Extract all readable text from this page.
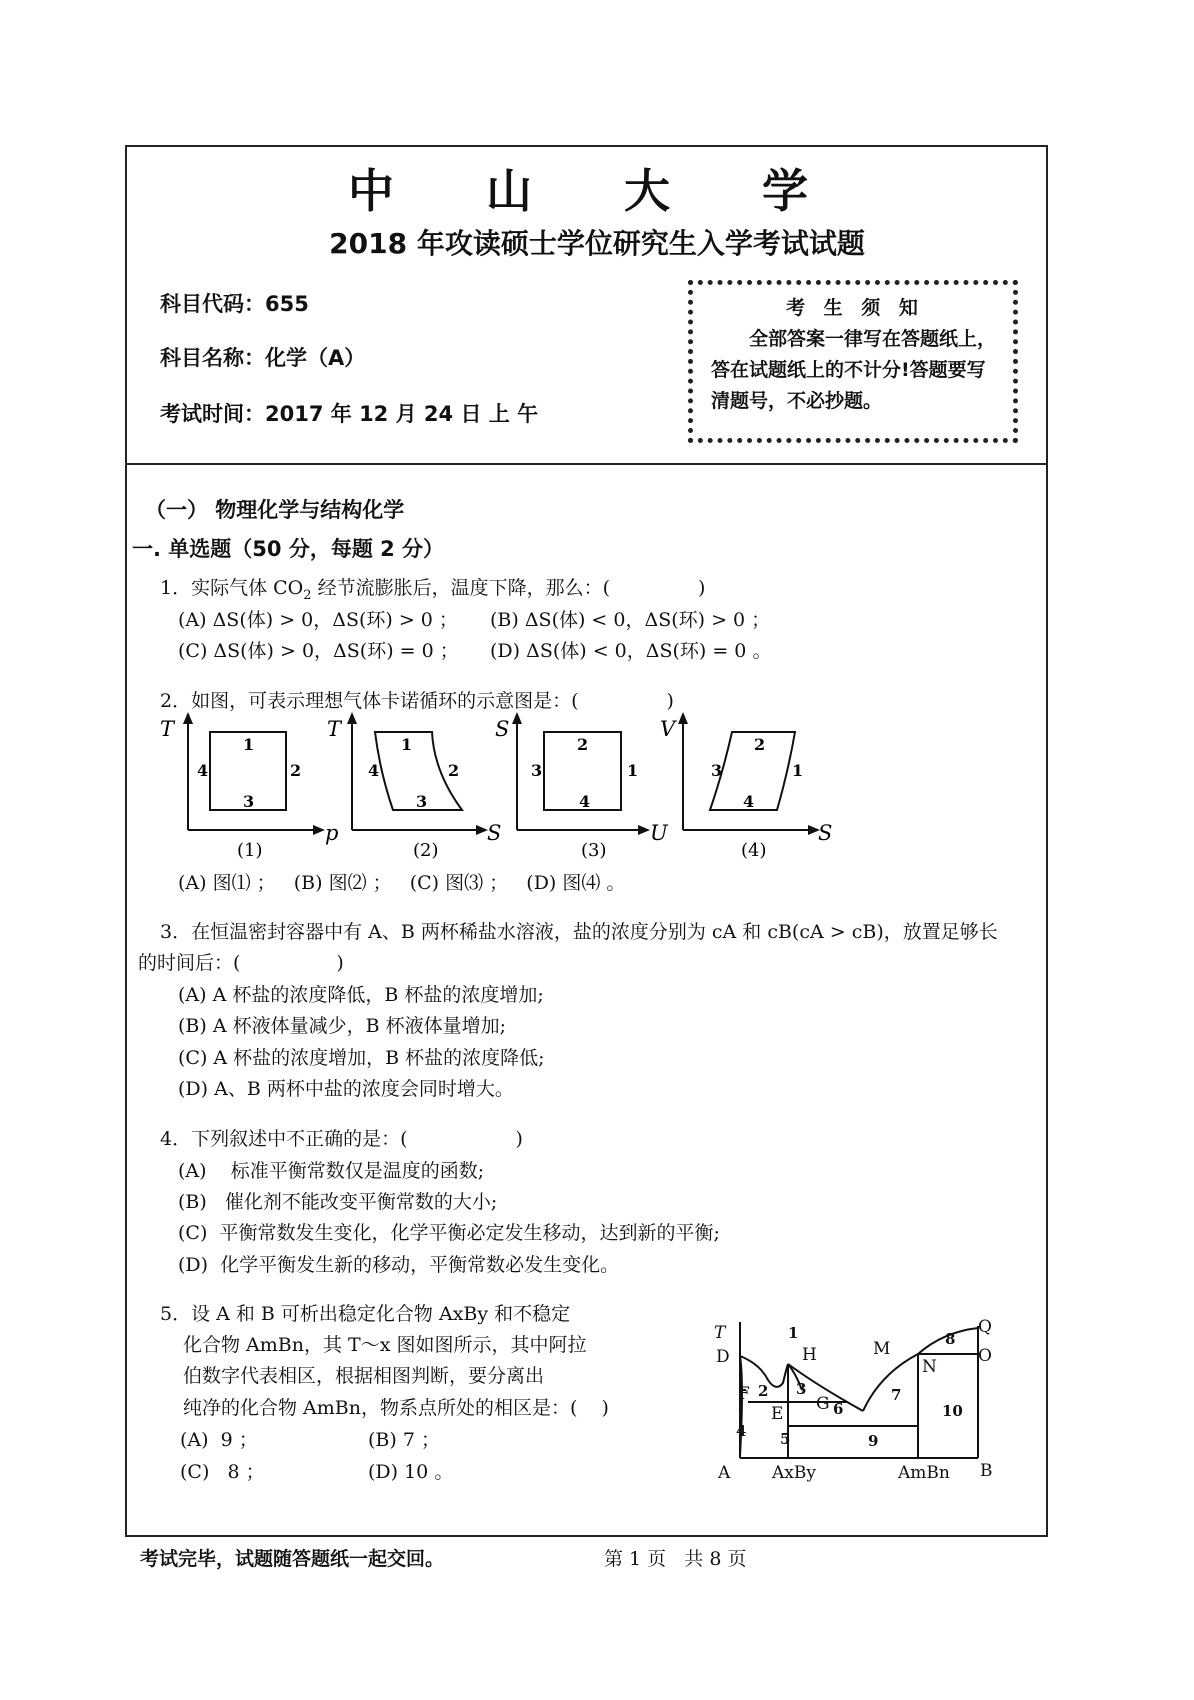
中 山 大 学
2018 年攻读硕士学位研究生入学考试试题
科目代码：655
科目名称：化学（A）
考试时间：2017 年 12 月 24 日 上 午
考 生 须 知
全部答案一律写在答题纸上，答在试题纸上的不计分!答题要写清题号，不必抄题。
（一） 物理化学与结构化学
一. 单选题（50 分，每题 2 分）
1．实际气体 $CO_2$ 经节流膨胀后，温度下降，那么：(	)
(A) ΔS(体) > 0，ΔS(环) > 0 ； (B) ΔS(体) < 0，ΔS(环) > 0 ；
(C) ΔS(体) > 0，ΔS(环) = 0 ； (D) ΔS(体) < 0，ΔS(环) = 0 。
2．如图，可表示理想气体卡诺循环的示意图是：(	)
T
p
1
2
3
4
(1)
T
S
1
2
3
4
(2)
S
U
2
1
4
3
(3)
V
S
2
1
4
3
(4)
(A) 图⑴ ；   (B) 图⑵ ；   (C) 图⑶ ；   (D) 图⑷ 。
3．在恒温密封容器中有 A、B 两杯稀盐水溶液，盐的浓度分别为 cA 和 cB(cA > cB)，放置足够长
的时间后：(	)
(A) A 杯盐的浓度降低，B 杯盐的浓度增加;
(B) A 杯液体量减少，B 杯液体量增加;
(C) A 杯盐的浓度增加，B 杯盐的浓度降低;
(D) A、B 两杯中盐的浓度会同时增大。
4．下列叙述中不正确的是：(	)
(A)    标准平衡常数仅是温度的函数;
(B)   催化剂不能改变平衡常数的大小;
(C)  平衡常数发生变化，化学平衡必定发生移动，达到新的平衡;
(D)  化学平衡发生新的移动，平衡常数必发生变化。
5．设 A 和 B 可析出稳定化合物 AxBy 和不稳定
化合物 AmBn，其 T～x 图如图所示，其中阿拉
伯数字代表相区，根据相图判断，要分离出
纯净的化合物 AmBn，物系点所处的相区是：(    )
(A)  9 ；	(B) 7 ；
(C)   8 ；	(D) 10 。
T
D
F
E
H
G
M
N
O
Q
1
2 3
4 5
6
7
8
9
10
A AxBy	AmBn B
考试完毕，试题随答题纸一起交回。	第 1 页   共 8 页
